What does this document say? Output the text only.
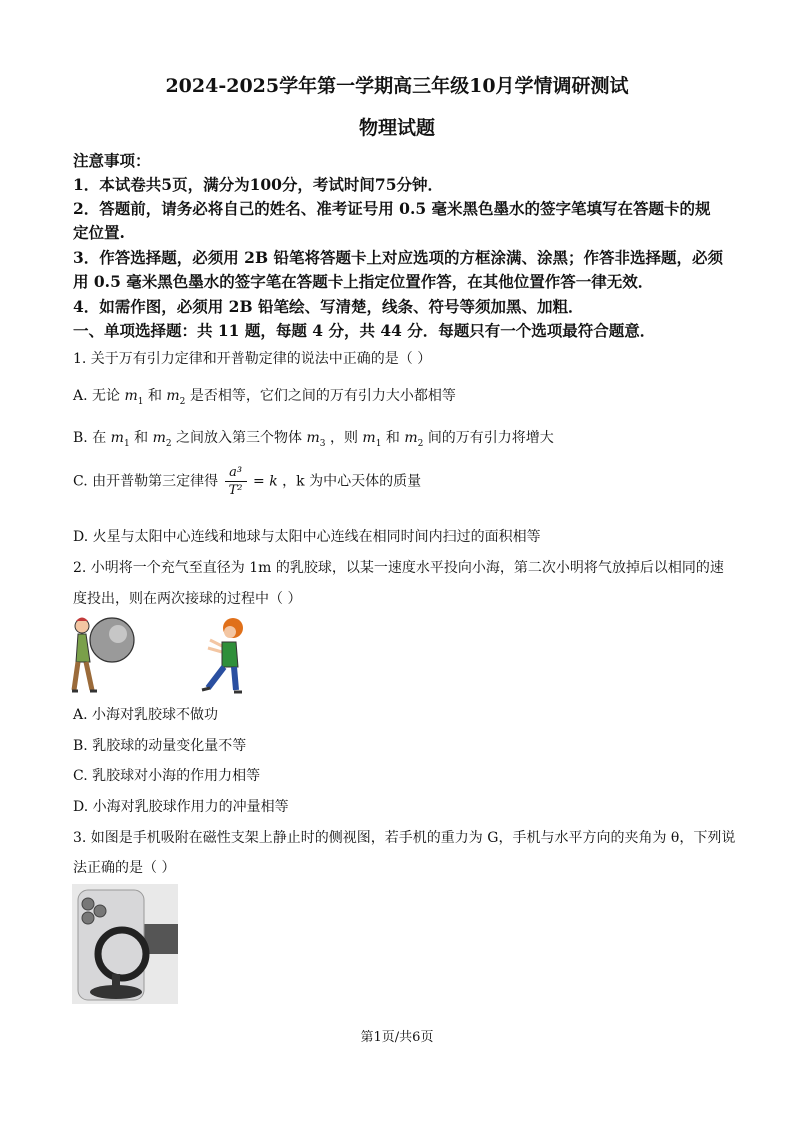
2024-2025学年第一学期高三年级10月学情调研测试
物理试题
注意事项：
1．本试卷共5页，满分为100分，考试时间75分钟．
2．答题前，请务必将自己的姓名、准考证号用 0.5 毫米黑色墨水的签字笔填写在答题卡的规
定位置.
3．作答选择题，必须用 2B 铅笔将答题卡上对应选项的方框涂满、涂黑；作答非选择题，必须
用 0.5 毫米黑色墨水的签字笔在答题卡上指定位置作答，在其他位置作答一律无效．
4．如需作图，必须用 2B 铅笔绘、写清楚，线条、符号等须加黑、加粗．
一、单项选择题：共 11 题，每题 4 分，共 44 分．每题只有一个选项最符合题意．
1. 关于万有引力定律和开普勒定律的说法中正确的是（ ）
A. 无论 $m_1$ 和 $m_2$ 是否相等，它们之间的万有引力大小都相等
B. 在 $m_1$ 和 $m_2$ 之间放入第三个物体 $m_3$ ，则 $m_1$ 和 $m_2$ 间的万有引力将增大
C. 由开普勒第三定律得 $\frac{\text{a³}}{\text{T²}} = k$ ，k 为中心天体的质量
D. 火星与太阳中心连线和地球与太阳中心连线在相同时间内扫过的面积相等
2. 小明将一个充气至直径为 1m 的乳胶球，以某一速度水平投向小海，第二次小明将气放掉后以相同的速
度投出，则在两次接球的过程中（ ）
A. 小海对乳胶球不做功
B. 乳胶球的动量变化量不等
C. 乳胶球对小海的作用力相等
D. 小海对乳胶球作用力的冲量相等
3. 如图是手机吸附在磁性支架上静止时的侧视图，若手机的重力为 G，手机与水平方向的夹角为 θ，下列说
法正确的是（ ）
第1页/共6页
